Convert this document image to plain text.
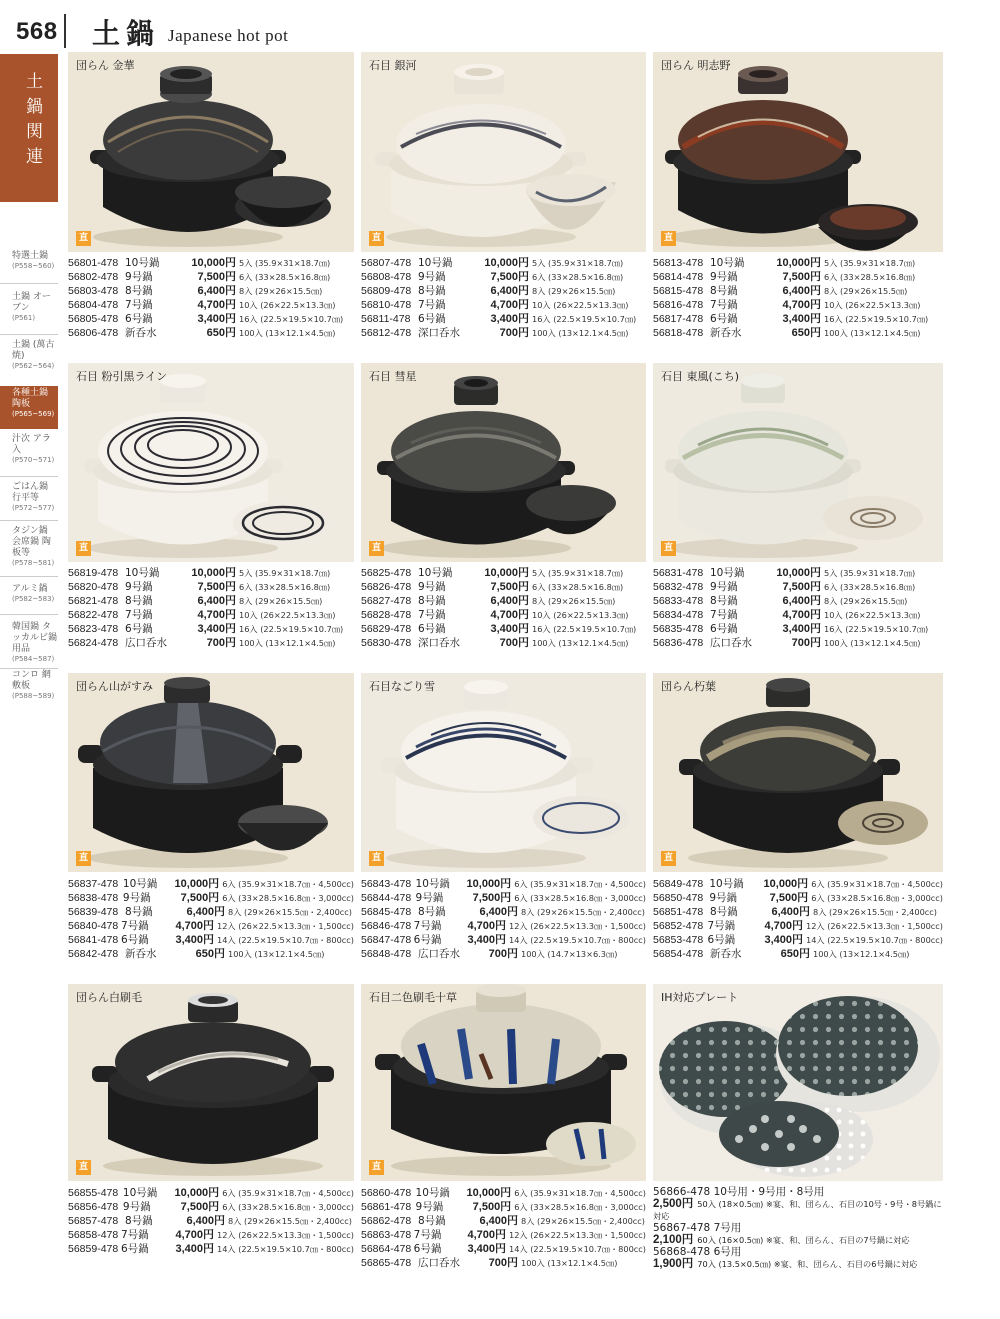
568 土鍋 Japanese hot pot
土鍋関連
特選土鍋
(P558~560)
土鍋 オーブン
(P561)
土鍋 (萬古焼)
(P562~564)
各種土鍋 陶板
(P565~569)
汁次 アラ入
(P570~571)
ごはん鍋 行平等
(P572~577)
タジン鍋 会席鍋 陶板等
(P578~581)
アルミ鍋
(P582~583)
韓国鍋 タッカルビ鍋 用品
(P584~587)
コンロ 網 敷板
(P588~589)
団らん 金華
直
石目 銀河
直
団らん 明志野
直
56801-478 10号鍋	10,000円 5入 (35.9×31×18.7㎝)
56802-478 9号鍋	7,500円 6入 (33×28.5×16.8㎝)
56803-478 8号鍋	6,400円 8入 (29×26×15.5㎝)
56804-478 7号鍋	4,700円 10入 (26×22.5×13.3㎝)
56805-478 6号鍋	3,400円 16入 (22.5×19.5×10.7㎝)
56806-478 新呑水	650円 100入 (13×12.1×4.5㎝)
56807-478 10号鍋	10,000円 5入 (35.9×31×18.7㎝)
56808-478 9号鍋	7,500円 6入 (33×28.5×16.8㎝)
56809-478 8号鍋	6,400円 8入 (29×26×15.5㎝)
56810-478 7号鍋	4,700円 10入 (26×22.5×13.3㎝)
56811-478 6号鍋	3,400円 16入 (22.5×19.5×10.7㎝)
56812-478 深口呑水	700円 100入 (13×12.1×4.5㎝)
56813-478 10号鍋	10,000円 5入 (35.9×31×18.7㎝)
56814-478 9号鍋	7,500円 6入 (33×28.5×16.8㎝)
56815-478 8号鍋	6,400円 8入 (29×26×15.5㎝)
56816-478 7号鍋	4,700円 10入 (26×22.5×13.3㎝)
56817-478 6号鍋	3,400円 16入 (22.5×19.5×10.7㎝)
56818-478 新呑水	650円 100入 (13×12.1×4.5㎝)
石目 粉引黒ライン
直
石目 彗星
直
石目 東風(こち)
直
56819-478 10号鍋	10,000円 5入 (35.9×31×18.7㎝)
56820-478 9号鍋	7,500円 6入 (33×28.5×16.8㎝)
56821-478 8号鍋	6,400円 8入 (29×26×15.5㎝)
56822-478 7号鍋	4,700円 10入 (26×22.5×13.3㎝)
56823-478 6号鍋	3,400円 16入 (22.5×19.5×10.7㎝)
56824-478 広口呑水	700円 100入 (13×12.1×4.5㎝)
56825-478 10号鍋	10,000円 5入 (35.9×31×18.7㎝)
56826-478 9号鍋	7,500円 6入 (33×28.5×16.8㎝)
56827-478 8号鍋	6,400円 8入 (29×26×15.5㎝)
56828-478 7号鍋	4,700円 10入 (26×22.5×13.3㎝)
56829-478 6号鍋	3,400円 16入 (22.5×19.5×10.7㎝)
56830-478 深口呑水	700円 100入 (13×12.1×4.5㎝)
56831-478 10号鍋	10,000円 5入 (35.9×31×18.7㎝)
56832-478 9号鍋	7,500円 6入 (33×28.5×16.8㎝)
56833-478 8号鍋	6,400円 8入 (29×26×15.5㎝)
56834-478 7号鍋	4,700円 10入 (26×22.5×13.3㎝)
56835-478 6号鍋	3,400円 16入 (22.5×19.5×10.7㎝)
56836-478 広口呑水	700円 100入 (13×12.1×4.5㎝)
団らん山がすみ
直
石目なごり雪
直
団らん朽葉
直
56837-478 10号鍋	10,000円 6入 (35.9×31×18.7㎝・4,500cc)
56838-478 9号鍋	7,500円 6入 (33×28.5×16.8㎝・3,000cc)
56839-478 8号鍋	6,400円 8入 (29×26×15.5㎝・2,400cc)
56840-478 7号鍋	4,700円 12入 (26×22.5×13.3㎝・1,500cc)
56841-478 6号鍋	3,400円 14入 (22.5×19.5×10.7㎝・800cc)
56842-478 新呑水	650円 100入 (13×12.1×4.5㎝)
56843-478 10号鍋	10,000円 6入 (35.9×31×18.7㎝・4,500cc)
56844-478 9号鍋	7,500円 6入 (33×28.5×16.8㎝・3,000cc)
56845-478 8号鍋	6,400円 8入 (29×26×15.5㎝・2,400cc)
56846-478 7号鍋	4,700円 12入 (26×22.5×13.3㎝・1,500cc)
56847-478 6号鍋	3,400円 14入 (22.5×19.5×10.7㎝・800cc)
56848-478 広口呑水	700円 100入 (14.7×13×6.3㎝)
56849-478 10号鍋	10,000円 6入 (35.9×31×18.7㎝・4,500cc)
56850-478 9号鍋	7,500円 6入 (33×28.5×16.8㎝・3,000cc)
56851-478 8号鍋	6,400円 8入 (29×26×15.5㎝・2,400cc)
56852-478 7号鍋	4,700円 12入 (26×22.5×13.3㎝・1,500cc)
56853-478 6号鍋	3,400円 14入 (22.5×19.5×10.7㎝・800cc)
56854-478 新呑水	650円 100入 (13×12.1×4.5㎝)
団らん白刷毛
直
石目二色刷毛十草
直
IH対応プレート
56855-478 10号鍋	10,000円 6入 (35.9×31×18.7㎝・4,500cc)
56856-478 9号鍋	7,500円 6入 (33×28.5×16.8㎝・3,000cc)
56857-478 8号鍋	6,400円 8入 (29×26×15.5㎝・2,400cc)
56858-478 7号鍋	4,700円 12入 (26×22.5×13.3㎝・1,500cc)
56859-478 6号鍋	3,400円 14入 (22.5×19.5×10.7㎝・800cc)
56860-478 10号鍋	10,000円 6入 (35.9×31×18.7㎝・4,500cc)
56861-478 9号鍋	7,500円 6入 (33×28.5×16.8㎝・3,000cc)
56862-478 8号鍋	6,400円 8入 (29×26×15.5㎝・2,400cc)
56863-478 7号鍋	4,700円 12入 (26×22.5×13.3㎝・1,500cc)
56864-478 6号鍋	3,400円 14入 (22.5×19.5×10.7㎝・800cc)
56865-478 広口呑水	700円 100入 (13×12.1×4.5㎝)
56866-478 10号用・9号用・8号用
2,500円 50入 (18×0.5㎝) ※宴、和、団らん、石目の10号・9号・8号鍋に対応
56867-478 7号用
2,100円 60入 (16×0.5㎝) ※宴、和、団らん、石目の7号鍋に対応
56868-478 6号用
1,900円 70入 (13.5×0.5㎝) ※宴、和、団らん、石目の6号鍋に対応
